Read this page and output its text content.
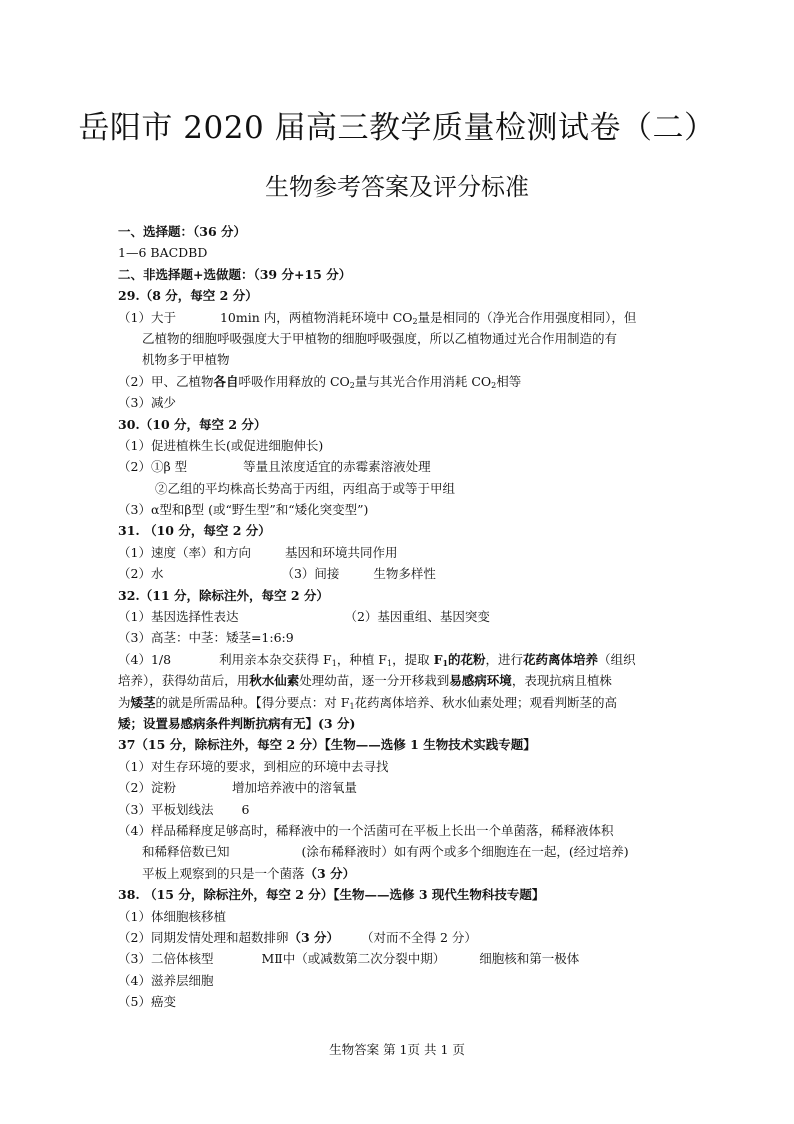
岳阳市 2020 届高三教学质量检测试卷（二）
生物参考答案及评分标准
一、选择题：（36 分）
1—6 BACDBD
二、非选择题+选做题：（39 分+15 分）
29.（8 分，每空 2 分）
（1）大于	10min 内，两植物消耗环境中 $CO_2$量是相同的（净光合作用强度相同），但
乙植物的细胞呼吸强度大于甲植物的细胞呼吸强度，所以乙植物通过光合作用制造的有
机物多于甲植物
（2）甲、乙植物各自呼吸作用释放的 $CO_2$量与其光合作用消耗 $CO_2$相等
（3）减少
30.（10 分，每空 2 分）
（1）促进植株生长(或促进细胞伸长)
（2）①β 型	等量且浓度适宜的赤霉素溶液处理
②乙组的平均株高长势高于丙组，丙组高于或等于甲组
（3）α型和β型 (或“野生型”和“矮化突变型”)
31. （10 分，每空 2 分）
（1）速度（率）和方向	基因和环境共同作用
（2）水	（3）间接	生物多样性
32.（11 分，除标注外，每空 2 分）
（1）基因选择性表达	（2）基因重组、基因突变
（3）高茎：中茎：矮茎=1:6:9
（4）1/8	利用亲本杂交获得 $F_1$，种植 $F_1$，提取 $F_1$的花粉，进行花药离体培养（组织
培养），获得幼苗后，用秋水仙素处理幼苗，逐一分开移栽到易感病环境，表现抗病且植株
为矮茎的就是所需品种。【得分要点：对 $F_1$花药离体培养、秋水仙素处理；观看判断茎的高
矮；设置易感病条件判断抗病有无】(3 分)
37（15 分，除标注外，每空 2 分）【生物——选修 1 生物技术实践专题】
（1）对生存环境的要求，到相应的环境中去寻找
（2）淀粉	增加培养液中的溶氧量
（3）平板划线法 6
（4）样品稀释度足够高时，稀释液中的一个活菌可在平板上长出一个单菌落，稀释液体积
和稀释倍数已知	(涂布稀释液时）如有两个或多个细胞连在一起，(经过培养)
平板上观察到的只是一个菌落（3 分）
38. （15 分，除标注外，每空 2 分）【生物——选修 3 现代生物科技专题】
（1）体细胞核移植
（2）同期发情处理和超数排卵（3 分） （对而不全得 2 分）
（3）二倍体核型	MⅡ中（或减数第二次分裂中期）	细胞核和第一极体
（4）滋养层细胞
（5）癌变
生物答案 第 1页 共 1 页
